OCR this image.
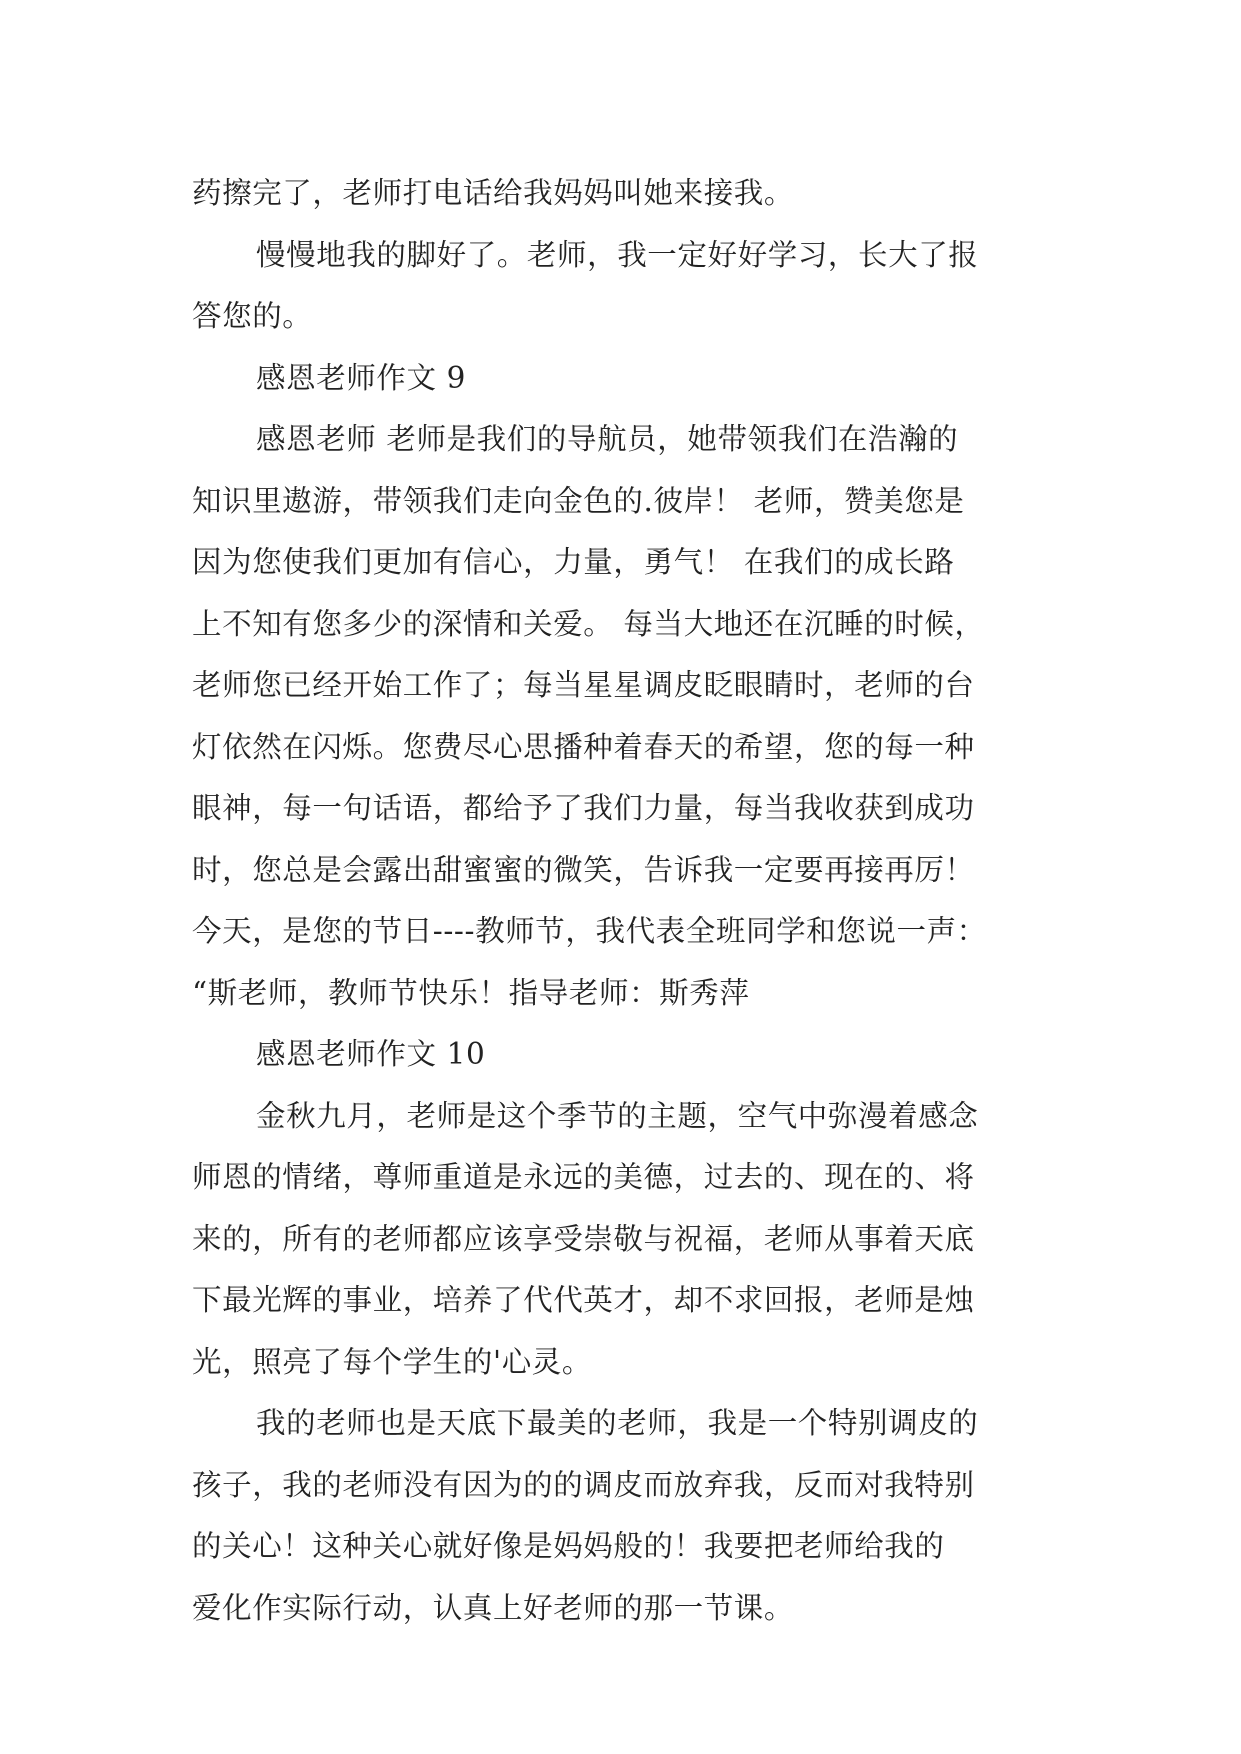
药擦完了，老师打电话给我妈妈叫她来接我。
慢慢地我的脚好了。老师，我一定好好学习，长大了报
答您的。
感恩老师作文 9
感恩老师 老师是我们的导航员，她带领我们在浩瀚的
知识里遨游，带领我们走向金色的.彼岸！ 老师，赞美您是
因为您使我们更加有信心，力量，勇气！ 在我们的成长路
上不知有您多少的深情和关爱。 每当大地还在沉睡的时候，
老师您已经开始工作了；每当星星调皮眨眼睛时，老师的台
灯依然在闪烁。您费尽心思播种着春天的希望，您的每一种
眼神，每一句话语，都给予了我们力量，每当我收获到成功
时，您总是会露出甜蜜蜜的微笑，告诉我一定要再接再厉！
今天，是您的节日----教师节，我代表全班同学和您说一声：
“斯老师，教师节快乐！指导老师：斯秀萍
感恩老师作文 10
金秋九月，老师是这个季节的主题，空气中弥漫着感念
师恩的情绪，尊师重道是永远的美德，过去的、现在的、将
来的，所有的老师都应该享受崇敬与祝福，老师从事着天底
下最光辉的事业，培养了代代英才，却不求回报，老师是烛
光，照亮了每个学生的'心灵。
我的老师也是天底下最美的老师，我是一个特别调皮的
孩子，我的老师没有因为的的调皮而放弃我，反而对我特别
的关心！这种关心就好像是妈妈般的！我要把老师给我的
爱化作实际行动，认真上好老师的那一节课。
